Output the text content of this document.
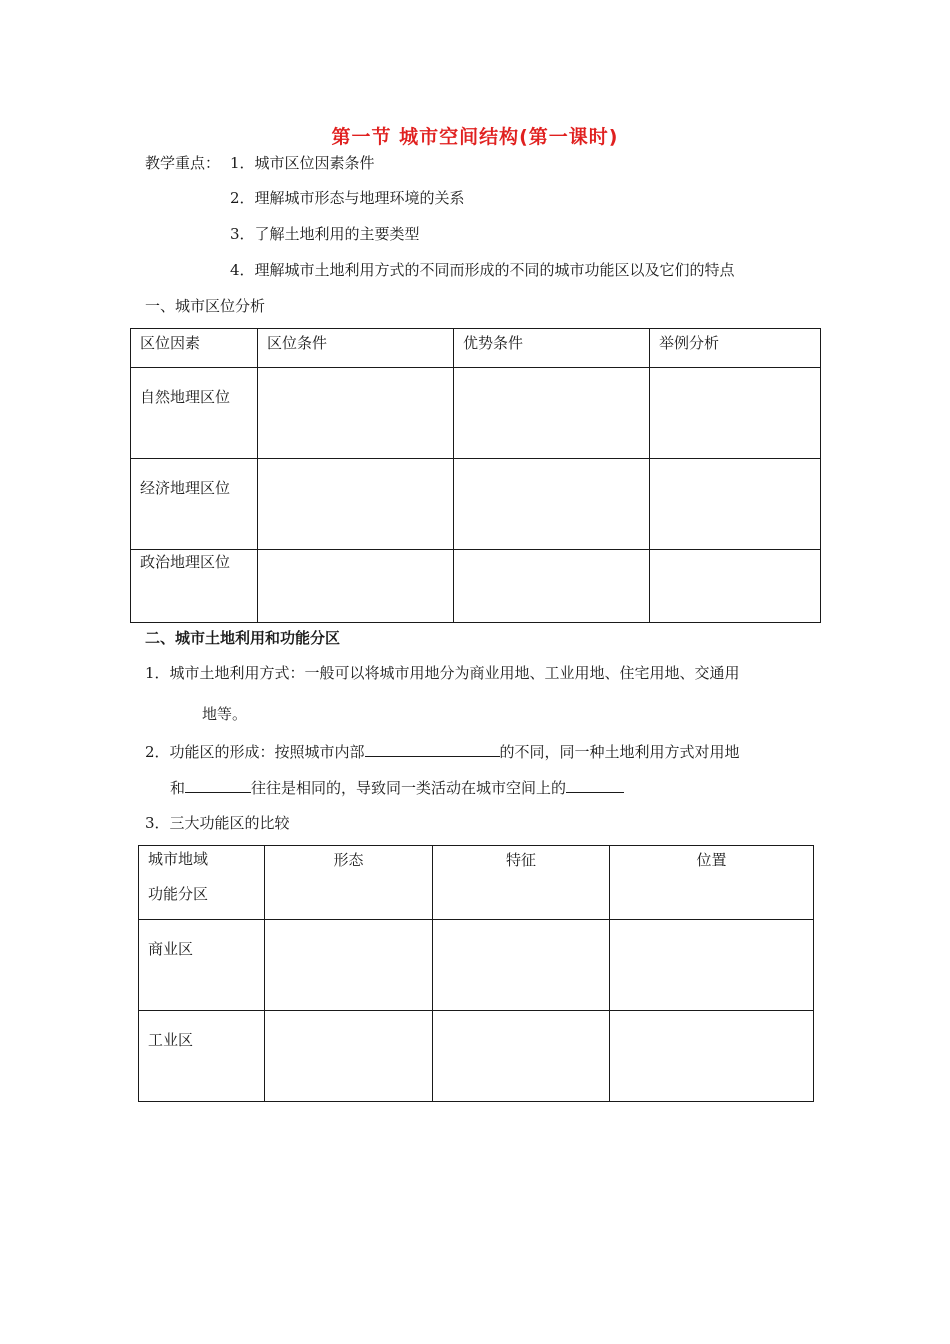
第一节 城市空间结构(第一课时)
教学重点： 1．城市区位因素条件
2．理解城市形态与地理环境的关系
3．了解土地利用的主要类型
4．理解城市土地利用方式的不同而形成的不同的城市功能区以及它们的特点
一、城市区位分析
区位因素	区位条件	优势条件	举例分析

自然地理区位			

经济地理区位			

政治地理区位			

二、城市土地利用和功能分区
1．城市土地利用方式：一般可以将城市用地分为商业用地、工业用地、住宅用地、交通用
地等。
2．功能区的形成：按照城市内部	的不同，同一种土地利用方式对用地
和	往往是相同的，导致同一类活动在城市空间上的
3．三大功能区的比较
城市地域
功能分区	形态	特征	位置

商业区			

工业区			
